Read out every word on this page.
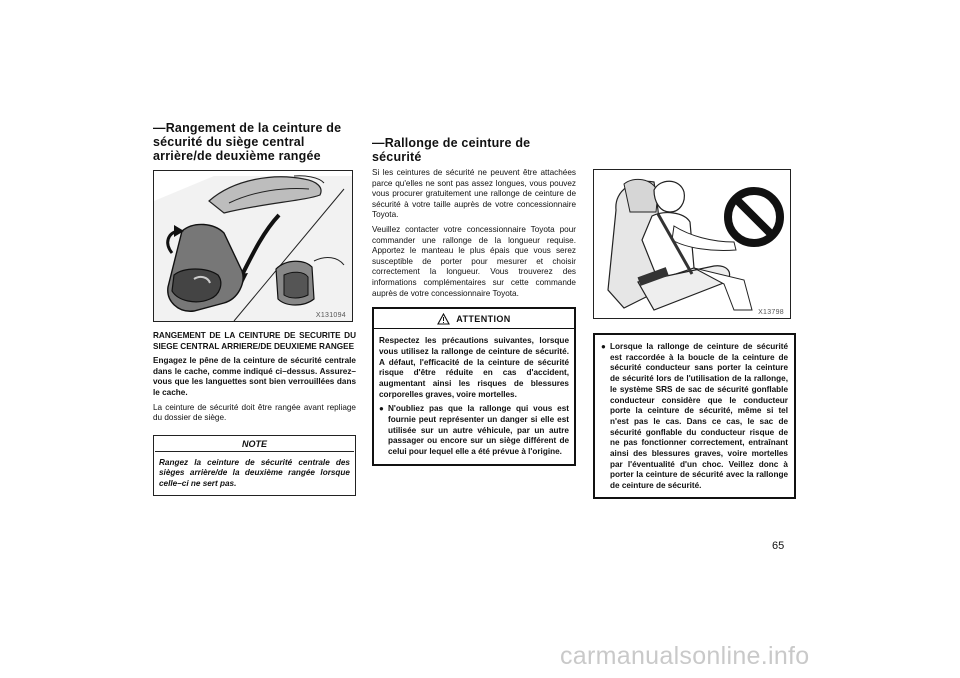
—Rangement de la ceinture de sécurité du siège central arrière/de deuxième rangée
X131094
RANGEMENT DE LA CEINTURE DE SECURITE DU SIEGE CENTRAL ARRIERE/DE DEUXIEME RANGEE
Engagez le pêne de la ceinture de sécurité centrale dans le cache, comme indiqué ci–dessus. Assurez–vous que les languettes sont bien verrouillées dans le cache.
La ceinture de sécurité doit être rangée avant repliage du dossier de siège.
NOTE
Rangez la ceinture de sécurité centrale des sièges arrière/de la deuxième rangée lorsque celle–ci ne sert pas.
—Rallonge de ceinture de sécurité
Si les ceintures de sécurité ne peuvent être attachées parce qu'elles ne sont pas assez longues, vous pouvez vous procurer gratuitement une rallonge de ceinture de sécurité à votre taille auprès de votre concessionnaire Toyota.
Veuillez contacter votre concessionnaire Toyota pour commander une rallonge de la longueur requise. Apportez le manteau le plus épais que vous serez susceptible de porter pour mesurer et choisir correctement la longueur. Vous trouverez des informations complémentaires sur cette commande auprès de votre concessionnaire Toyota.
ATTENTION
Respectez les précautions suivantes, lorsque vous utilisez la rallonge de ceinture de sécurité. A défaut, l'efficacité de la ceinture de sécurité risque d'être réduite en cas d'accident, augmentant ainsi les risques de blessures corporelles graves, voire mortelles.
● N'oubliez pas que la rallonge qui vous est fournie peut représenter un danger si elle est utilisée sur un autre véhicule, par un autre passager ou encore sur un siège différent de celui pour lequel elle a été prévue à l'origine.
X13798
● Lorsque la rallonge de ceinture de sécurité est raccordée à la boucle de la ceinture de sécurité conducteur sans porter la ceinture de sécurité lors de l'utilisation de la rallonge, le système SRS de sac de sécurité gonflable conducteur considère que le conducteur porte la ceinture de sécurité, même si tel n'est pas le cas. Dans ce cas, le sac de sécurité gonflable du conducteur risque de ne pas fonctionner correctement, entraînant ainsi des blessures graves, voire mortelles par l'éventualité d'un choc. Veillez donc à porter la ceinture de sécurité avec la rallonge de ceinture de sécurité.
65
carmanualsonline.info
